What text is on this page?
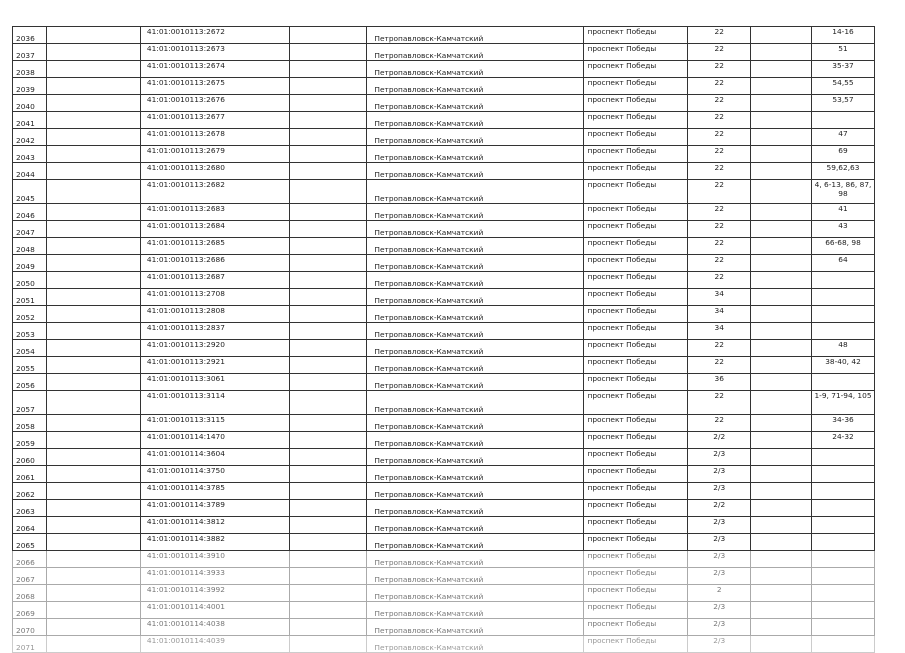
2036		41:01:0010113:2672		Петропавловск-Камчатский	проспект Победы	22		14-16
2037		41:01:0010113:2673		Петропавловск-Камчатский	проспект Победы	22		51
2038		41:01:0010113:2674		Петропавловск-Камчатский	проспект Победы	22		35-37
2039		41:01:0010113:2675		Петропавловск-Камчатский	проспект Победы	22		54,55
2040		41:01:0010113:2676		Петропавловск-Камчатский	проспект Победы	22		53,57
2041		41:01:0010113:2677		Петропавловск-Камчатский	проспект Победы	22		
2042		41:01:0010113:2678		Петропавловск-Камчатский	проспект Победы	22		47
2043		41:01:0010113:2679		Петропавловск-Камчатский	проспект Победы	22		69
2044		41:01:0010113:2680		Петропавловск-Камчатский	проспект Победы	22		59,62,63
2045		41:01:0010113:2682		Петропавловск-Камчатский	проспект Победы	22		4, 6-13, 86, 87, 98
2046		41:01:0010113:2683		Петропавловск-Камчатский	проспект Победы	22		41
2047		41:01:0010113:2684		Петропавловск-Камчатский	проспект Победы	22		43
2048		41:01:0010113:2685		Петропавловск-Камчатский	проспект Победы	22		66-68, 98
2049		41:01:0010113:2686		Петропавловск-Камчатский	проспект Победы	22		64
2050		41:01:0010113:2687		Петропавловск-Камчатский	проспект Победы	22		
2051		41:01:0010113:2708		Петропавловск-Камчатский	проспект Победы	34		
2052		41:01:0010113:2808		Петропавловск-Камчатский	проспект Победы	34		
2053		41:01:0010113:2837		Петропавловск-Камчатский	проспект Победы	34		
2054		41:01:0010113:2920		Петропавловск-Камчатский	проспект Победы	22		48
2055		41:01:0010113:2921		Петропавловск-Камчатский	проспект Победы	22		38-40, 42
2056		41:01:0010113:3061		Петропавловск-Камчатский	проспект Победы	36		
2057		41:01:0010113:3114		Петропавловск-Камчатский	проспект Победы	22		1-9, 71-94, 105
2058		41:01:0010113:3115		Петропавловск-Камчатский	проспект Победы	22		34-36
2059		41:01:0010114:1470		Петропавловск-Камчатский	проспект Победы	2/2		24-32
2060		41:01:0010114:3604		Петропавловск-Камчатский	проспект Победы	2/3		
2061		41:01:0010114:3750		Петропавловск-Камчатский	проспект Победы	2/3		
2062		41:01:0010114:3785		Петропавловск-Камчатский	проспект Победы	2/3		
2063		41:01:0010114:3789		Петропавловск-Камчатский	проспект Победы	2/2		
2064		41:01:0010114:3812		Петропавловск-Камчатский	проспект Победы	2/3		
2065		41:01:0010114:3882		Петропавловск-Камчатский	проспект Победы	2/3		
2066		41:01:0010114:3910		Петропавловск-Камчатский	проспект Победы	2/3		
2067		41:01:0010114:3933		Петропавловск-Камчатский	проспект Победы	2/3		
2068		41:01:0010114:3992		Петропавловск-Камчатский	проспект Победы	2		
2069		41:01:0010114:4001		Петропавловск-Камчатский	проспект Победы	2/3		
2070		41:01:0010114:4038		Петропавловск-Камчатский	проспект Победы	2/3		
2071		41:01:0010114:4039		Петропавловск-Камчатский	проспект Победы	2/3		
